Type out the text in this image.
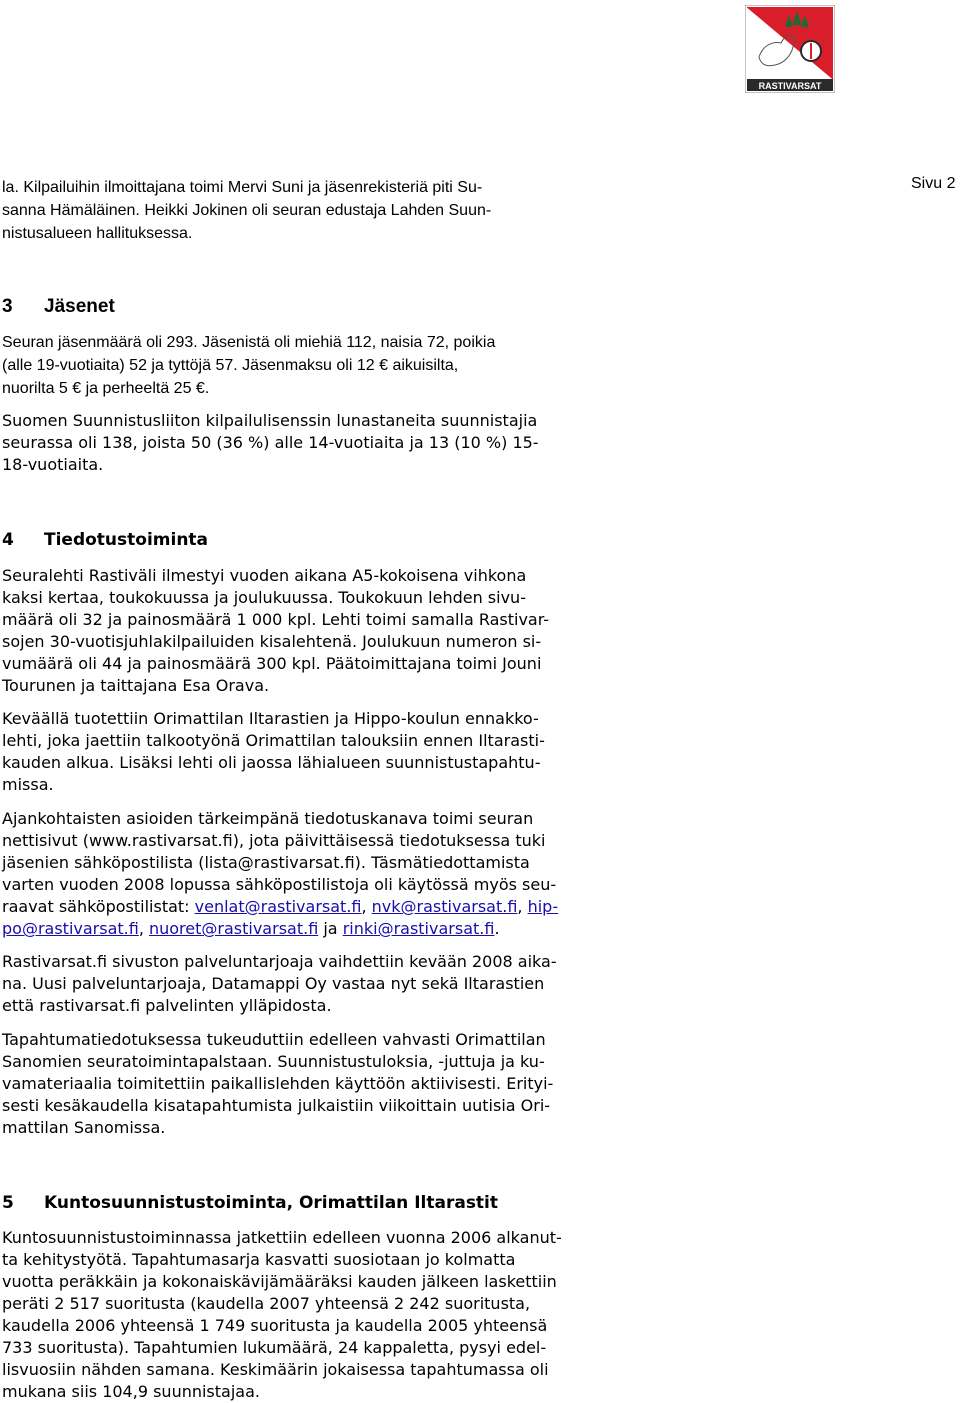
RASTIVARSAT
Sivu 2

la. Kilpailuihin ilmoittajana toimi Mervi Suni ja jäsenrekisteriä piti Su-
sanna Hämäläinen. Heikki Jokinen oli seuran edustaja Lahden Suun-
nistusalueen hallituksessa.

3 Jäsenet

Seuran jäsenmäärä oli 293. Jäsenistä oli miehiä 112, naisia 72, poikia
(alle 19-vuotiaita) 52 ja tyttöjä 57. Jäsenmaksu oli 12 € aikuisilta,
nuorilta 5 € ja perheeltä 25 €.

Suomen Suunnistusliiton kilpailulisenssin lunastaneita suunnistajia
seurassa oli 138, joista 50 (36 %) alle 14-vuotiaita ja 13 (10 %) 15-
18-vuotiaita.

4 Tiedotustoiminta

Seuralehti Rastiväli ilmestyi vuoden aikana A5-kokoisena vihkona
kaksi kertaa, toukokuussa ja joulukuussa. Toukokuun lehden sivu-
määrä oli 32 ja painosmäärä 1 000 kpl. Lehti toimi samalla Rastivar-
sojen 30-vuotisjuhlakilpailuiden kisalehtenä. Joulukuun numeron si-
vumäärä oli 44 ja painosmäärä 300 kpl. Päätoimittajana toimi Jouni
Tourunen ja taittajana Esa Orava.

Keväällä tuotettiin Orimattilan Iltarastien ja Hippo-koulun ennakko-
lehti, joka jaettiin talkootyönä Orimattilan talouksiin ennen Iltarasti-
kauden alkua. Lisäksi lehti oli jaossa lähialueen suunnistustapahtu-
missa.

Ajankohtaisten asioiden tärkeimpänä tiedotuskanava toimi seuran
nettisivut (www.rastivarsat.fi), jota päivittäisessä tiedotuksessa tuki
jäsenien sähköpostilista (lista@rastivarsat.fi). Täsmätiedottamista
varten vuoden 2008 lopussa sähköpostilistoja oli käytössä myös seu-
raavat sähköpostilistat: venlat@rastivarsat.fi, nvk@rastivarsat.fi, hip-
po@rastivarsat.fi, nuoret@rastivarsat.fi ja rinki@rastivarsat.fi.

Rastivarsat.fi sivuston palveluntarjoaja vaihdettiin kevään 2008 aika-
na. Uusi palveluntarjoaja, Datamappi Oy vastaa nyt sekä Iltarastien
että rastivarsat.fi palvelinten ylläpidosta.

Tapahtumatiedotuksessa tukeuduttiin edelleen vahvasti Orimattilan
Sanomien seuratoimintapalstaan. Suunnistustuloksia, -juttuja ja ku-
vamateriaalia toimitettiin paikallislehden käyttöön aktiivisesti. Erityi-
sesti kesäkaudella kisatapahtumista julkaistiin viikoittain uutisia Ori-
mattilan Sanomissa.

5 Kuntosuunnistustoiminta, Orimattilan Iltarastit

Kuntosuunnistustoiminnassa jatkettiin edelleen vuonna 2006 alkanut-
ta kehitystyötä. Tapahtumasarja kasvatti suosiotaan jo kolmatta
vuotta peräkkäin ja kokonaiskävijämääräksi kauden jälkeen laskettiin
peräti 2 517 suoritusta (kaudella 2007 yhteensä 2 242 suoritusta,
kaudella 2006 yhteensä 1 749 suoritusta ja kaudella 2005 yhteensä
733 suoritusta). Tapahtumien lukumäärä, 24 kappaletta, pysyi edel-
lisvuosiin nähden samana. Keskimäärin jokaisessa tapahtumassa oli
mukana siis 104,9 suunnistajaa.
